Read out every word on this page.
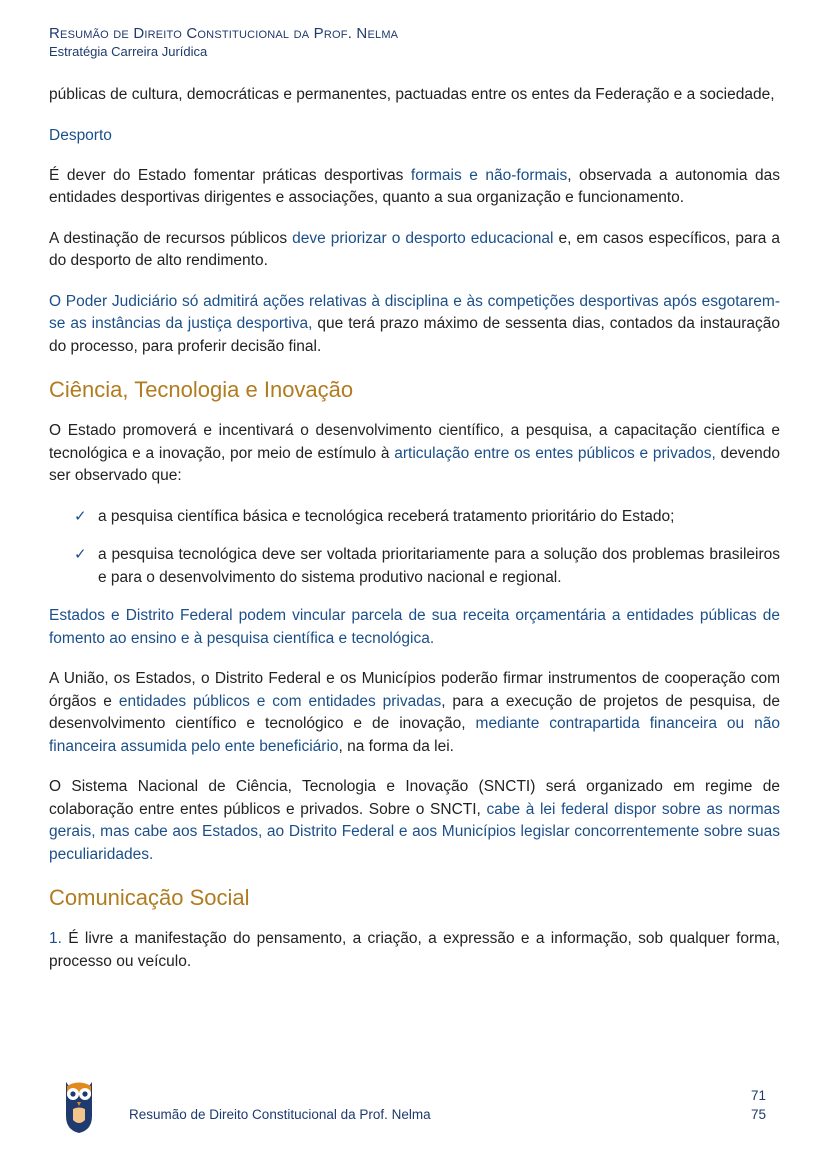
Resumão de Direito Constitucional da Prof. Nelma
Estratégia Carreira Jurídica

públicas de cultura, democráticas e permanentes, pactuadas entre os entes da Federação e a sociedade,

Desporto

É dever do Estado fomentar práticas desportivas formais e não-formais, observada a autonomia das entidades desportivas dirigentes e associações, quanto a sua organização e funcionamento.

A destinação de recursos públicos deve priorizar o desporto educacional e, em casos específicos, para a do desporto de alto rendimento.

O Poder Judiciário só admitirá ações relativas à disciplina e às competições desportivas após esgotarem-se as instâncias da justiça desportiva, que terá prazo máximo de sessenta dias, contados da instauração do processo, para proferir decisão final.

Ciência, Tecnologia e Inovação

O Estado promoverá e incentivará o desenvolvimento científico, a pesquisa, a capacitação científica e tecnológica e a inovação, por meio de estímulo à articulação entre os entes públicos e privados, devendo ser observado que:

✓ a pesquisa científica básica e tecnológica receberá tratamento prioritário do Estado;
✓ a pesquisa tecnológica deve ser voltada prioritariamente para a solução dos problemas brasileiros e para o desenvolvimento do sistema produtivo nacional e regional.

Estados e Distrito Federal podem vincular parcela de sua receita orçamentária a entidades públicas de fomento ao ensino e à pesquisa científica e tecnológica.

A União, os Estados, o Distrito Federal e os Municípios poderão firmar instrumentos de cooperação com órgãos e entidades públicos e com entidades privadas, para a execução de projetos de pesquisa, de desenvolvimento científico e tecnológico e de inovação, mediante contrapartida financeira ou não financeira assumida pelo ente beneficiário, na forma da lei.

O Sistema Nacional de Ciência, Tecnologia e Inovação (SNCTI) será organizado em regime de colaboração entre entes públicos e privados. Sobre o SNCTI, cabe à lei federal dispor sobre as normas gerais, mas cabe aos Estados, ao Distrito Federal e aos Municípios legislar concorrentemente sobre suas peculiaridades.

Comunicação Social

1. É livre a manifestação do pensamento, a criação, a expressão e a informação, sob qualquer forma, processo ou veículo.

Resumão de Direito Constitucional da Prof. Nelma
71
75
